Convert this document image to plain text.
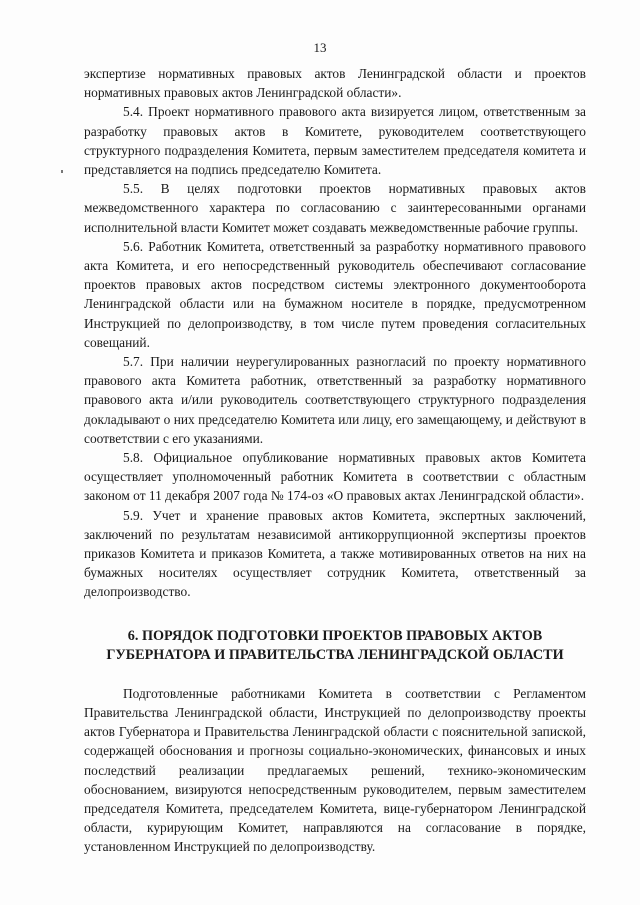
13

экспертизе нормативных правовых актов Ленинградской области и проектов нормативных правовых актов Ленинградской области».

5.4. Проект нормативного правового акта визируется лицом, ответственным за разработку правовых актов в Комитете, руководителем соответствующего структурного подразделения Комитета, первым заместителем председателя комитета и представляется на подпись председателю Комитета.

5.5. В целях подготовки проектов нормативных правовых актов межведомственного характера по согласованию с заинтересованными органами исполнительной власти Комитет может создавать межведомственные рабочие группы.

5.6. Работник Комитета, ответственный за разработку нормативного правового акта Комитета, и его непосредственный руководитель обеспечивают согласование проектов правовых актов посредством системы электронного документооборота Ленинградской области или на бумажном носителе в порядке, предусмотренном Инструкцией по делопроизводству, в том числе путем проведения согласительных совещаний.

5.7. При наличии неурегулированных разногласий по проекту нормативного правового акта Комитета работник, ответственный за разработку нормативного правового акта и/или руководитель соответствующего структурного подразделения докладывают о них председателю Комитета или лицу, его замещающему, и действуют в соответствии с его указаниями.

5.8. Официальное опубликование нормативных правовых актов Комитета осуществляет уполномоченный работник Комитета в соответствии с областным законом от 11 декабря 2007 года № 174-оз «О правовых актах Ленинградской области».

5.9. Учет и хранение правовых актов Комитета, экспертных заключений, заключений по результатам независимой антикоррупционной экспертизы проектов приказов Комитета и приказов Комитета, а также мотивированных ответов на них на бумажных носителях осуществляет сотрудник Комитета, ответственный за делопроизводство.

6. ПОРЯДОК ПОДГОТОВКИ ПРОЕКТОВ ПРАВОВЫХ АКТОВ ГУБЕРНАТОРА И ПРАВИТЕЛЬСТВА ЛЕНИНГРАДСКОЙ ОБЛАСТИ

Подготовленные работниками Комитета в соответствии с Регламентом Правительства Ленинградской области, Инструкцией по делопроизводству проекты актов Губернатора и Правительства Ленинградской области с пояснительной запиской, содержащей обоснования и прогнозы социально-экономических, финансовых и иных последствий реализации предлагаемых решений, технико-экономическим обоснованием, визируются непосредственным руководителем, первым заместителем председателя Комитета, председателем Комитета, вице-губернатором Ленинградской области, курирующим Комитет, направляются на согласование в порядке, установленном Инструкцией по делопроизводству.
